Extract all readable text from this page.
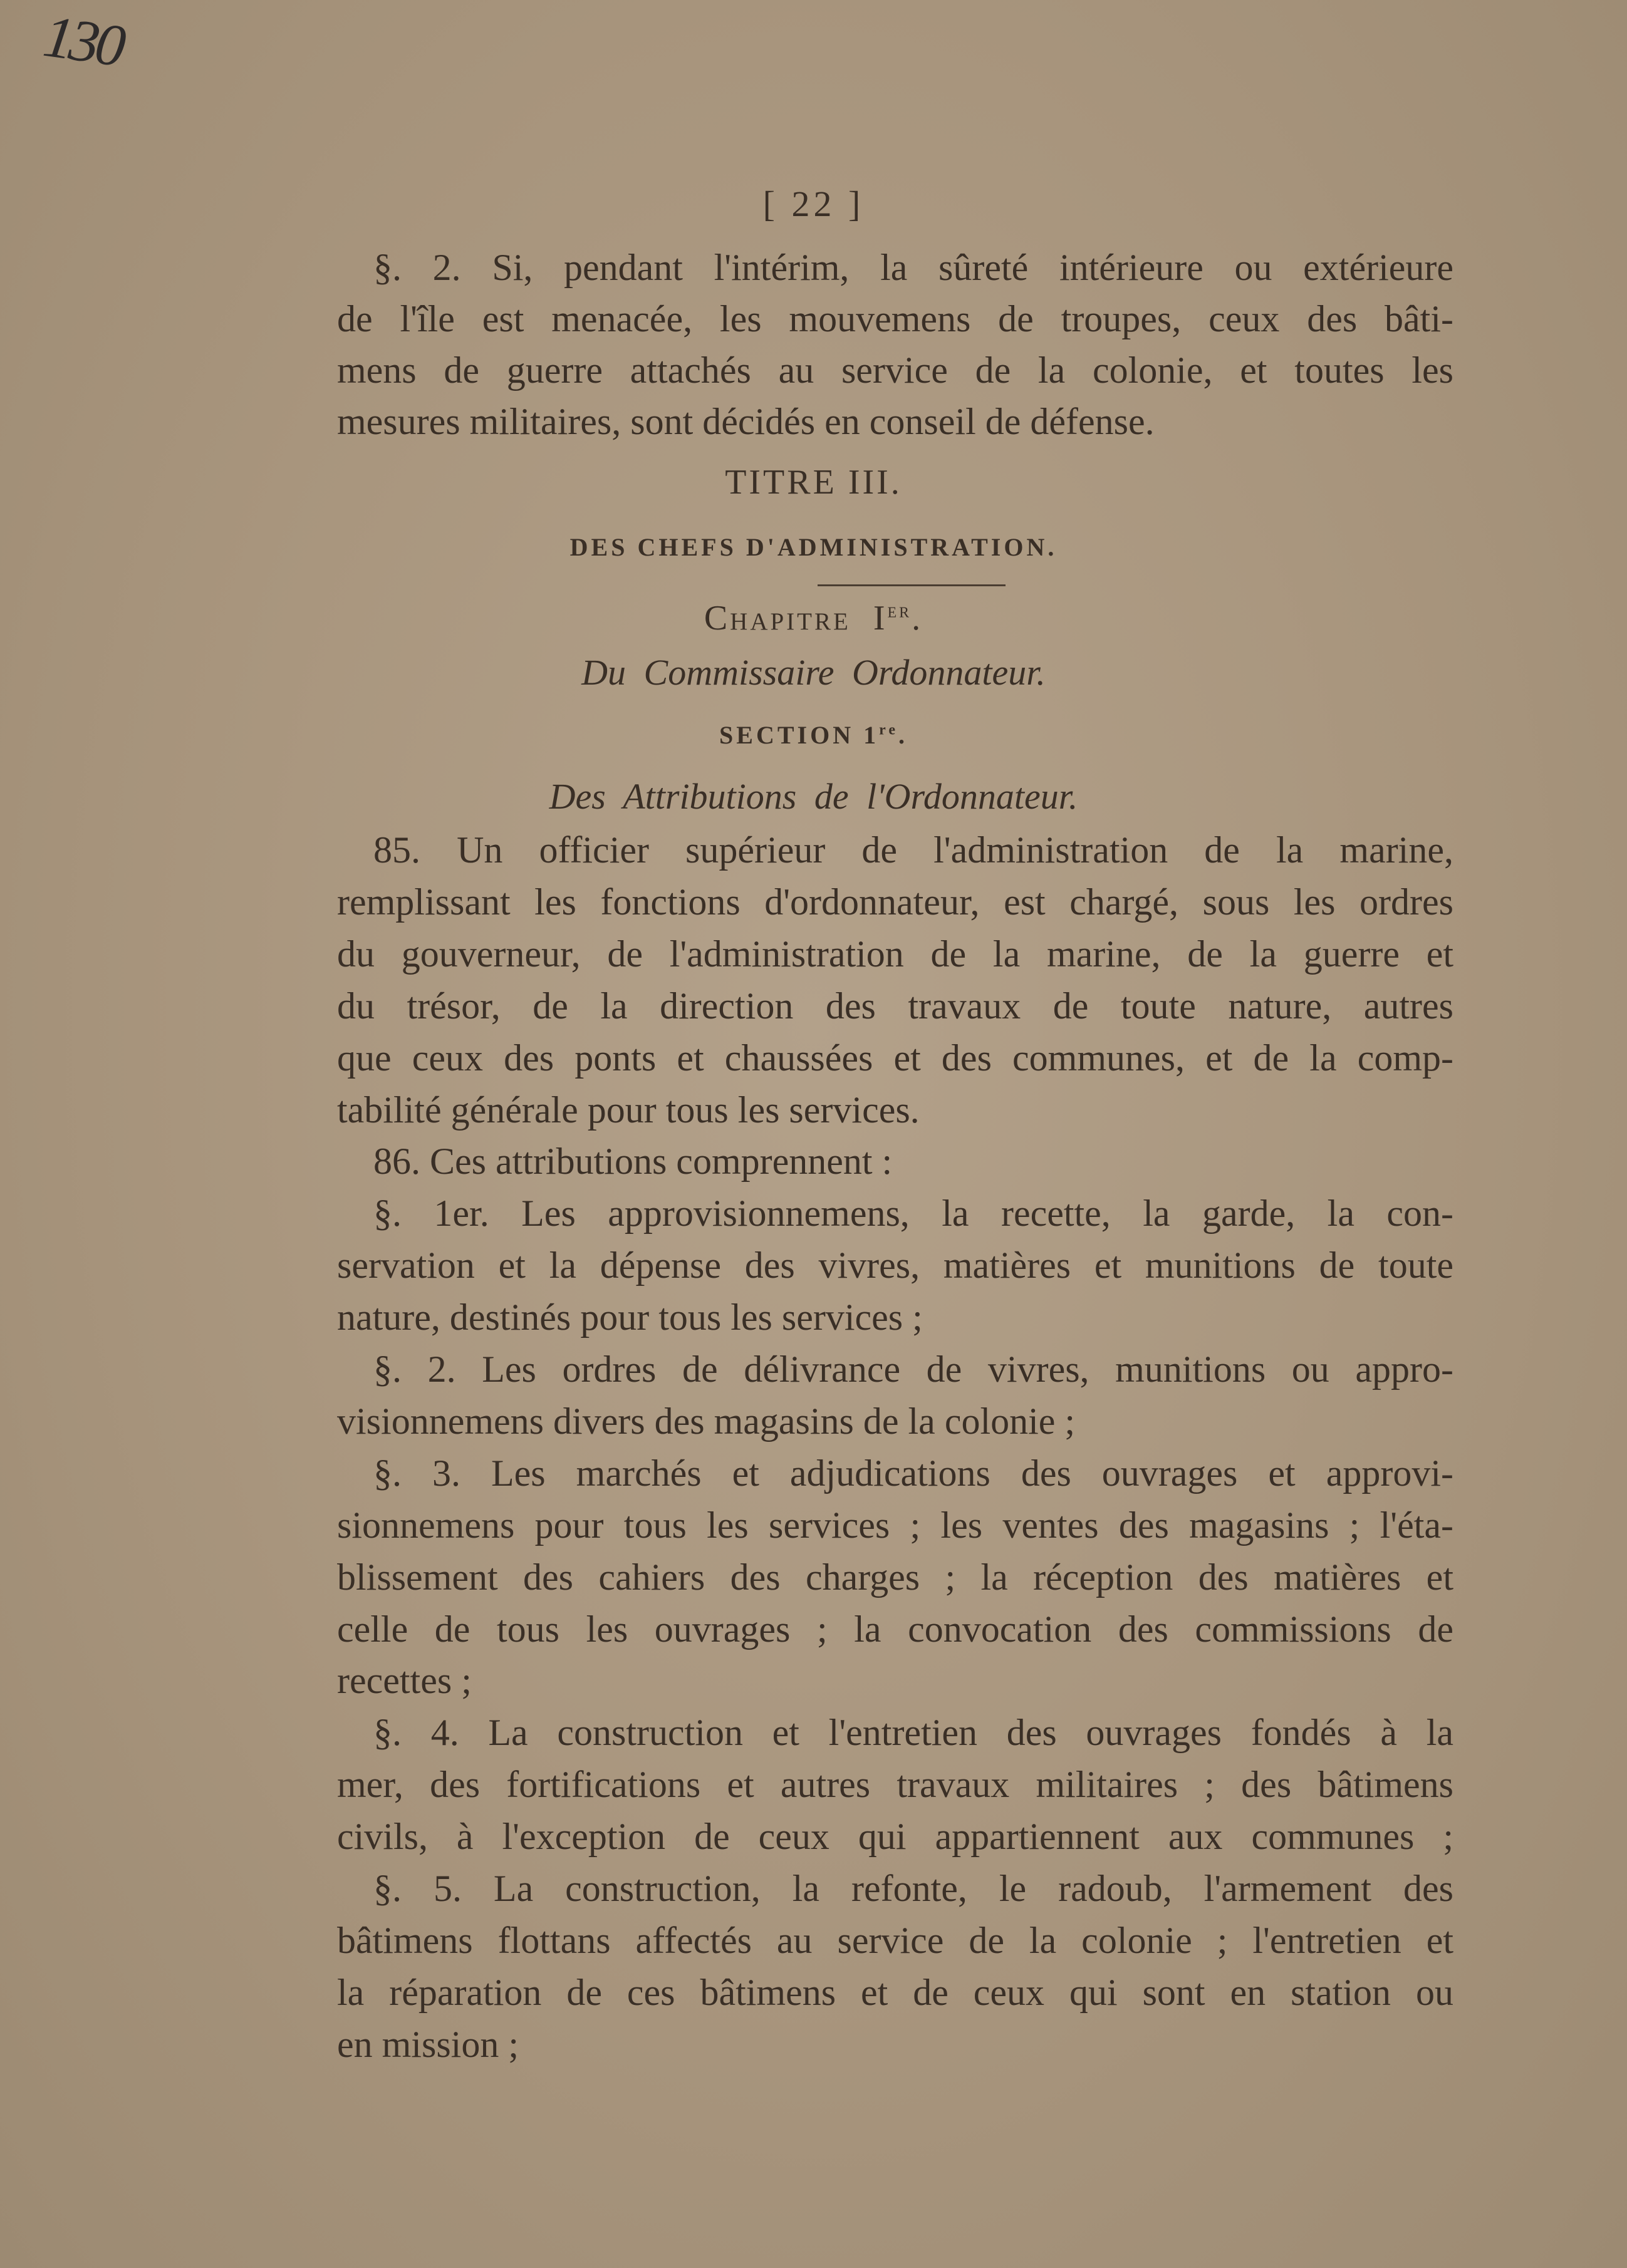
130
[ 22 ]
§. 2. Si, pendant l'intérim, la sûreté intérieure ou extérieure
de l'île est menacée, les mouvemens de troupes, ceux des bâti-
mens de guerre attachés au service de la colonie, et toutes les
mesures militaires, sont décidés en conseil de défense.
TITRE III.
DES CHEFS D'ADMINISTRATION.
Chapitre Ier.
Du Commissaire Ordonnateur.
SECTION 1re.
Des Attributions de l'Ordonnateur.
85. Un officier supérieur de l'administration de la marine,
remplissant les fonctions d'ordonnateur, est chargé, sous les ordres
du gouverneur, de l'administration de la marine, de la guerre et
du trésor, de la direction des travaux de toute nature, autres
que ceux des ponts et chaussées et des communes, et de la comp-
tabilité générale pour tous les services.
86. Ces attributions comprennent :
§. 1er. Les approvisionnemens, la recette, la garde, la con-
servation et la dépense des vivres, matières et munitions de toute
nature, destinés pour tous les services ;
§. 2. Les ordres de délivrance de vivres, munitions ou appro-
visionnemens divers des magasins de la colonie ;
§. 3. Les marchés et adjudications des ouvrages et approvi-
sionnemens pour tous les services ; les ventes des magasins ; l'éta-
blissement des cahiers des charges ; la réception des matières et
celle de tous les ouvrages ; la convocation des commissions de
recettes ;
§. 4. La construction et l'entretien des ouvrages fondés à la
mer, des fortifications et autres travaux militaires ; des bâtimens
civils, à l'exception de ceux qui appartiennent aux communes ;
§. 5. La construction, la refonte, le radoub, l'armement des
bâtimens flottans affectés au service de la colonie ; l'entretien et
la réparation de ces bâtimens et de ceux qui sont en station ou
en mission ;
